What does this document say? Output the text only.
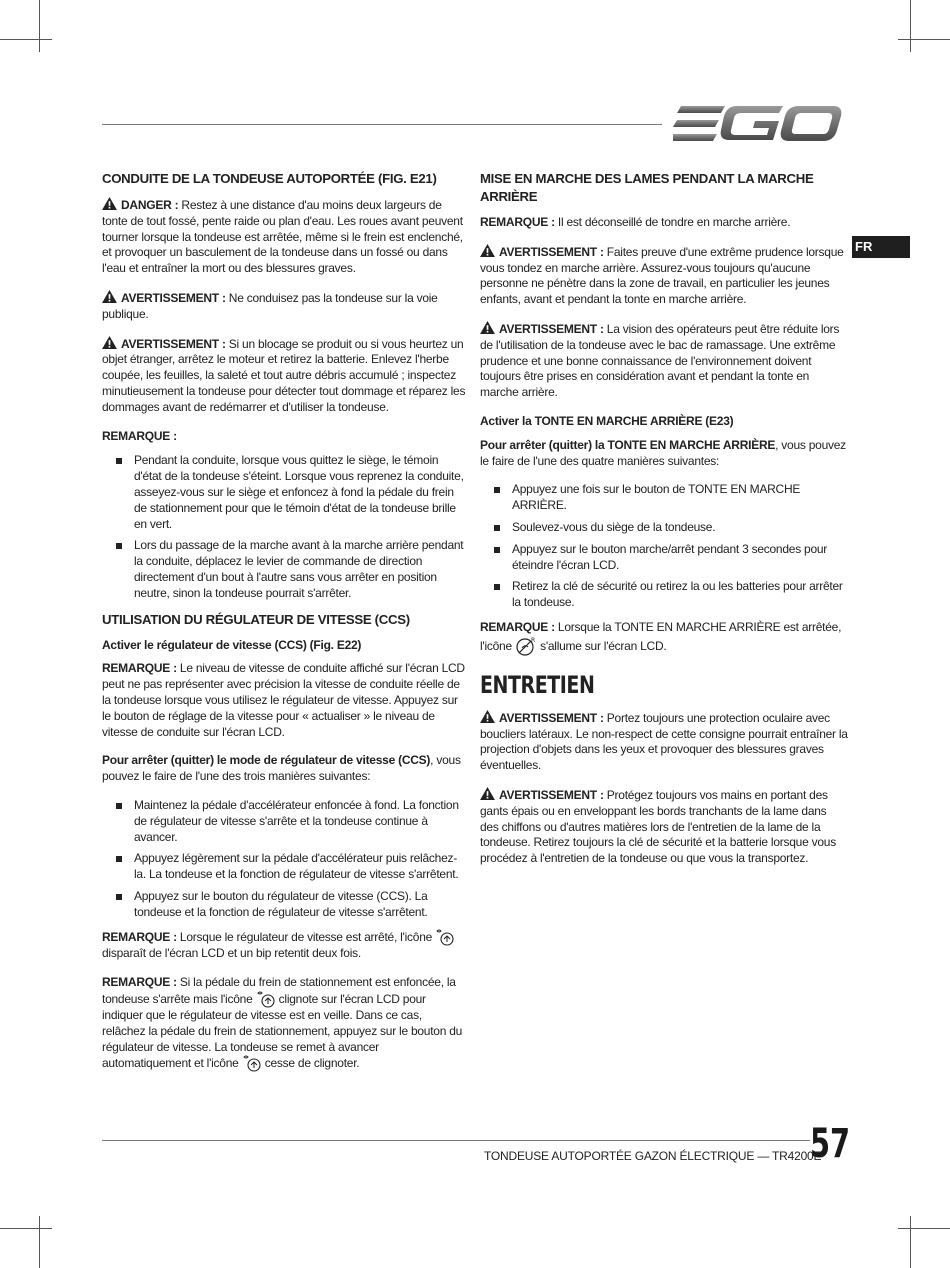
FR
CONDUITE DE LA TONDEUSE AUTOPORTÉE (FIG. E21)

DANGER : Restez à une distance d'au moins deux largeurs de tonte de tout fossé, pente raide ou plan d'eau. Les roues avant peuvent tourner lorsque la tondeuse est arrêtée, même si le frein est enclenché, et provoquer un basculement de la tondeuse dans un fossé ou dans l'eau et entraîner la mort ou des blessures graves.

AVERTISSEMENT : Ne conduisez pas la tondeuse sur la voie publique.

AVERTISSEMENT : Si un blocage se produit ou si vous heurtez un objet étranger, arrêtez le moteur et retirez la batterie. Enlevez l'herbe coupée, les feuilles, la saleté et tout autre débris accumulé ; inspectez minutieusement la tondeuse pour détecter tout dommage et réparez les dommages avant de redémarrer et d'utiliser la tondeuse.

REMARQUE :

Pendant la conduite, lorsque vous quittez le siège, le témoin d'état de la tondeuse s'éteint. Lorsque vous reprenez la conduite, asseyez-vous sur le siège et enfoncez à fond la pédale du frein de stationnement pour que le témoin d'état de la tondeuse brille en vert.
Lors du passage de la marche avant à la marche arrière pendant la conduite, déplacez le levier de commande de direction directement d'un bout à l'autre sans vous arrêter en position neutre, sinon la tondeuse pourrait s'arrêter.
UTILISATION DU RÉGULATEUR DE VITESSE (CCS)
Activer le régulateur de vitesse (CCS) (Fig. E22)

REMARQUE : Le niveau de vitesse de conduite affiché sur l'écran LCD peut ne pas représenter avec précision la vitesse de conduite réelle de la tondeuse lorsque vous utilisez le régulateur de vitesse. Appuyez sur le bouton de réglage de la vitesse pour « actualiser » le niveau de vitesse de conduite sur l'écran LCD.

Pour arrêter (quitter) le mode de régulateur de vitesse (CCS), vous pouvez le faire de l'une des trois manières suivantes:

Maintenez la pédale d'accélérateur enfoncée à fond. La fonction de régulateur de vitesse s'arrête et la tondeuse continue à avancer.
Appuyez légèrement sur la pédale d'accélérateur puis relâchez-la. La tondeuse et la fonction de régulateur de vitesse s'arrêtent.
Appuyez sur le bouton du régulateur de vitesse (CCS). La tondeuse et la fonction de régulateur de vitesse s'arrêtent.

REMARQUE : Lorsque le régulateur de vitesse est arrêté, l'icône  disparaît de l'écran LCD et un bip retentit deux fois.

REMARQUE : Si la pédale du frein de stationnement est enfoncée, la tondeuse s'arrête mais l'icône  clignote sur l'écran LCD pour indiquer que le régulateur de vitesse est en veille. Dans ce cas, relâchez la pédale du frein de stationnement, appuyez sur le bouton du régulateur de vitesse. La tondeuse se remet à avancer automatiquement et l'icône  cesse de clignoter.

MISE EN MARCHE DES LAMES PENDANT LA MARCHE ARRIÈRE

REMARQUE : Il est déconseillé de tondre en marche arrière.

AVERTISSEMENT : Faites preuve d'une extrême prudence lorsque vous tondez en marche arrière. Assurez-vous toujours qu'aucune personne ne pénètre dans la zone de travail, en particulier les jeunes enfants, avant et pendant la tonte en marche arrière.

AVERTISSEMENT : La vision des opérateurs peut être réduite lors de l'utilisation de la tondeuse avec le bac de ramassage. Une extrême prudence et une bonne connaissance de l'environnement doivent toujours être prises en considération avant et pendant la tonte en marche arrière.

Activer la TONTE EN MARCHE ARRIÈRE (E23)

Pour arrêter (quitter) la TONTE EN MARCHE ARRIÈRE, vous pouvez le faire de l'une des quatre manières suivantes:

Appuyez une fois sur le bouton de TONTE EN MARCHE ARRIÈRE.
Soulevez-vous du siège de la tondeuse.
Appuyez sur le bouton marche/arrêt pendant 3 secondes pour éteindre l'écran LCD.
Retirez la clé de sécurité ou retirez la ou les batteries pour arrêter la tondeuse.

REMARQUE : Lorsque la TONTE EN MARCHE ARRIÈRE est arrêtée, l'icône	R s'allume sur l'écran LCD.

ENTRETIEN

AVERTISSEMENT : Portez toujours une protection oculaire avec boucliers latéraux. Le non-respect de cette consigne pourrait entraîner la projection d'objets dans les yeux et provoquer des blessures graves éventuelles.

AVERTISSEMENT : Protégez toujours vos mains en portant des gants épais ou en enveloppant les bords tranchants de la lame dans des chiffons ou d'autres matières lors de l'entretien de la lame de la tondeuse. Retirez toujours la clé de sécurité et la batterie lorsque vous procédez à l'entretien de la tondeuse ou que vous la transportez.

TONDEUSE AUTOPORTÉE GAZON ÉLECTRIQUE — TR4200E
57
